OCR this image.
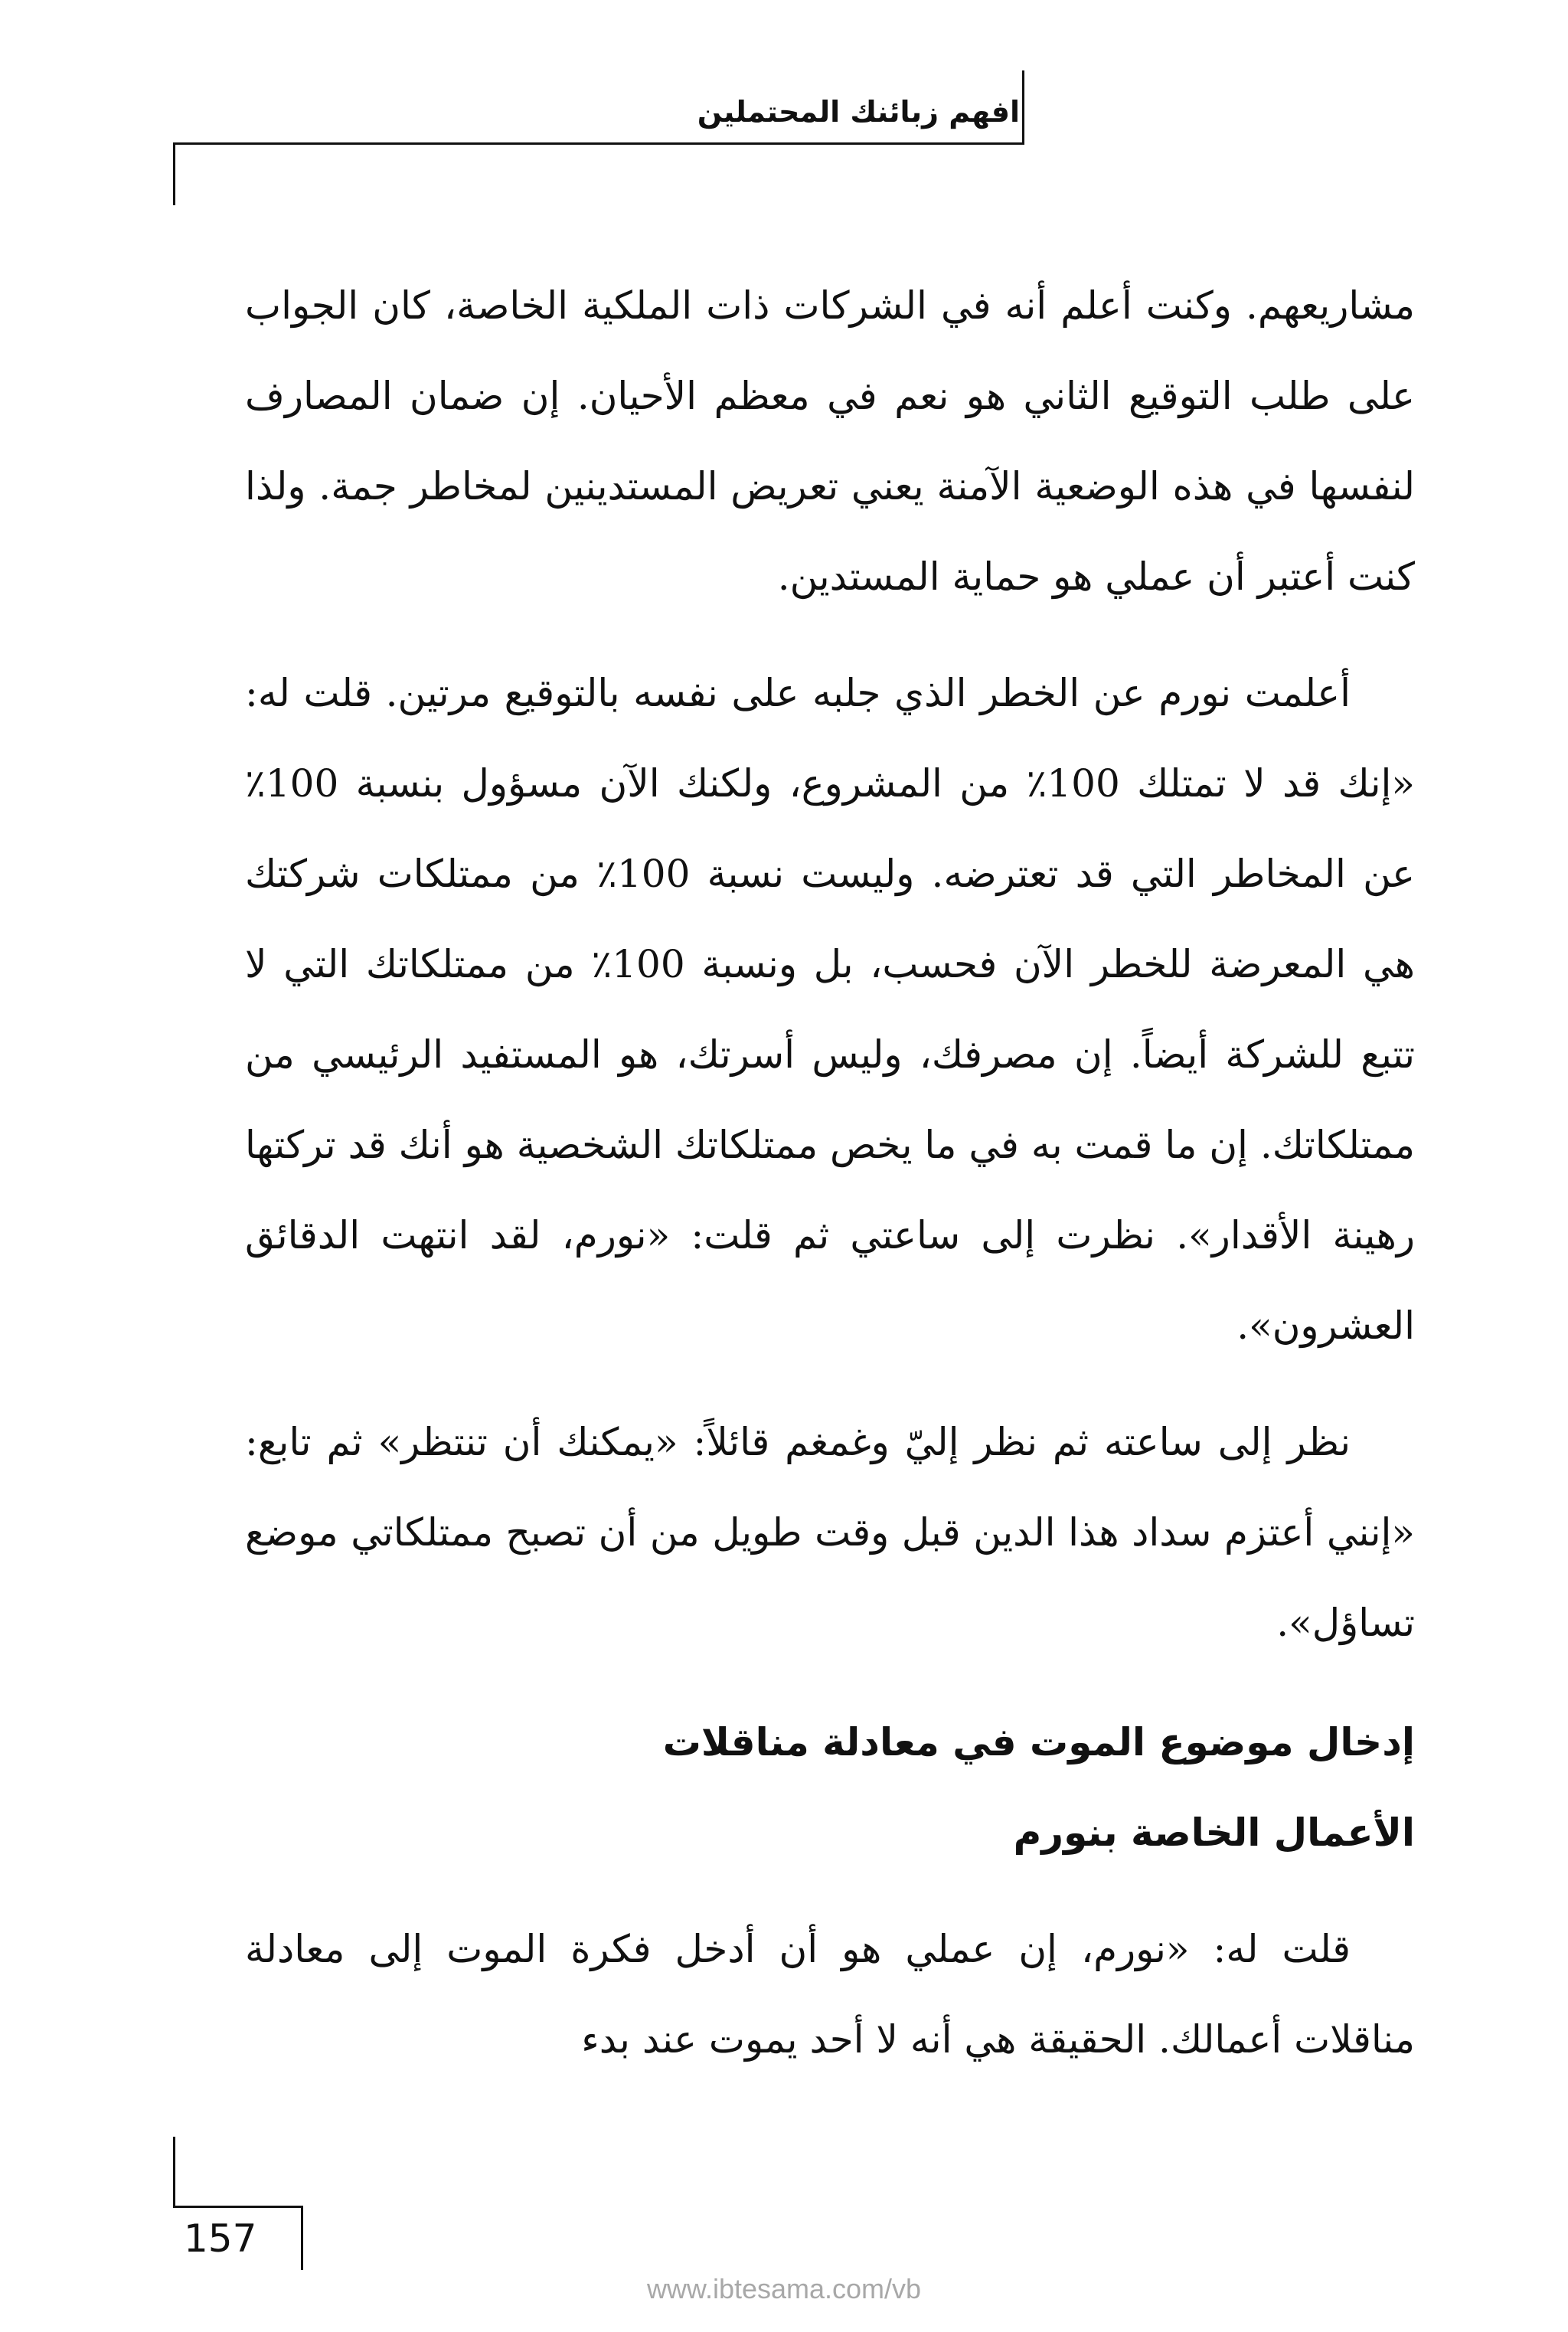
افهم زبائنك المحتملين

مشاريعهم. وكنت أعلم أنه في الشركات ذات الملكية الخاصة، كان الجواب على طلب التوقيع الثاني هو نعم في معظم الأحيان. إن ضمان المصارف لنفسها في هذه الوضعية الآمنة يعني تعريض المستدينين لمخاطر جمة. ولذا كنت أعتبر أن عملي هو حماية المستدين.

أعلمت نورم عن الخطر الذي جلبه على نفسه بالتوقيع مرتين. قلت له: «إنك قد لا تمتلك 100٪ من المشروع، ولكنك الآن مسؤول بنسبة 100٪ عن المخاطر التي قد تعترضه. وليست نسبة 100٪ من ممتلكات شركتك هي المعرضة للخطر الآن فحسب، بل ونسبة 100٪ من ممتلكاتك التي لا تتبع للشركة أيضاً. إن مصرفك، وليس أسرتك، هو المستفيد الرئيسي من ممتلكاتك. إن ما قمت به في ما يخص ممتلكاتك الشخصية هو أنك قد تركتها رهينة الأقدار». نظرت إلى ساعتي ثم قلت: «نورم، لقد انتهت الدقائق العشرون».

نظر إلى ساعته ثم نظر إليّ وغمغم قائلاً: «يمكنك أن تنتظر» ثم تابع: «إنني أعتزم سداد هذا الدين قبل وقت طويل من أن تصبح ممتلكاتي موضع تساؤل».

إدخال موضوع الموت في معادلة مناقلات
الأعمال الخاصة بنورم

قلت له: «نورم، إن عملي هو أن أدخل فكرة الموت إلى معادلة مناقلات أعمالك. الحقيقة هي أنه لا أحد يموت عند بدء

157
www.ibtesama.com/vb
